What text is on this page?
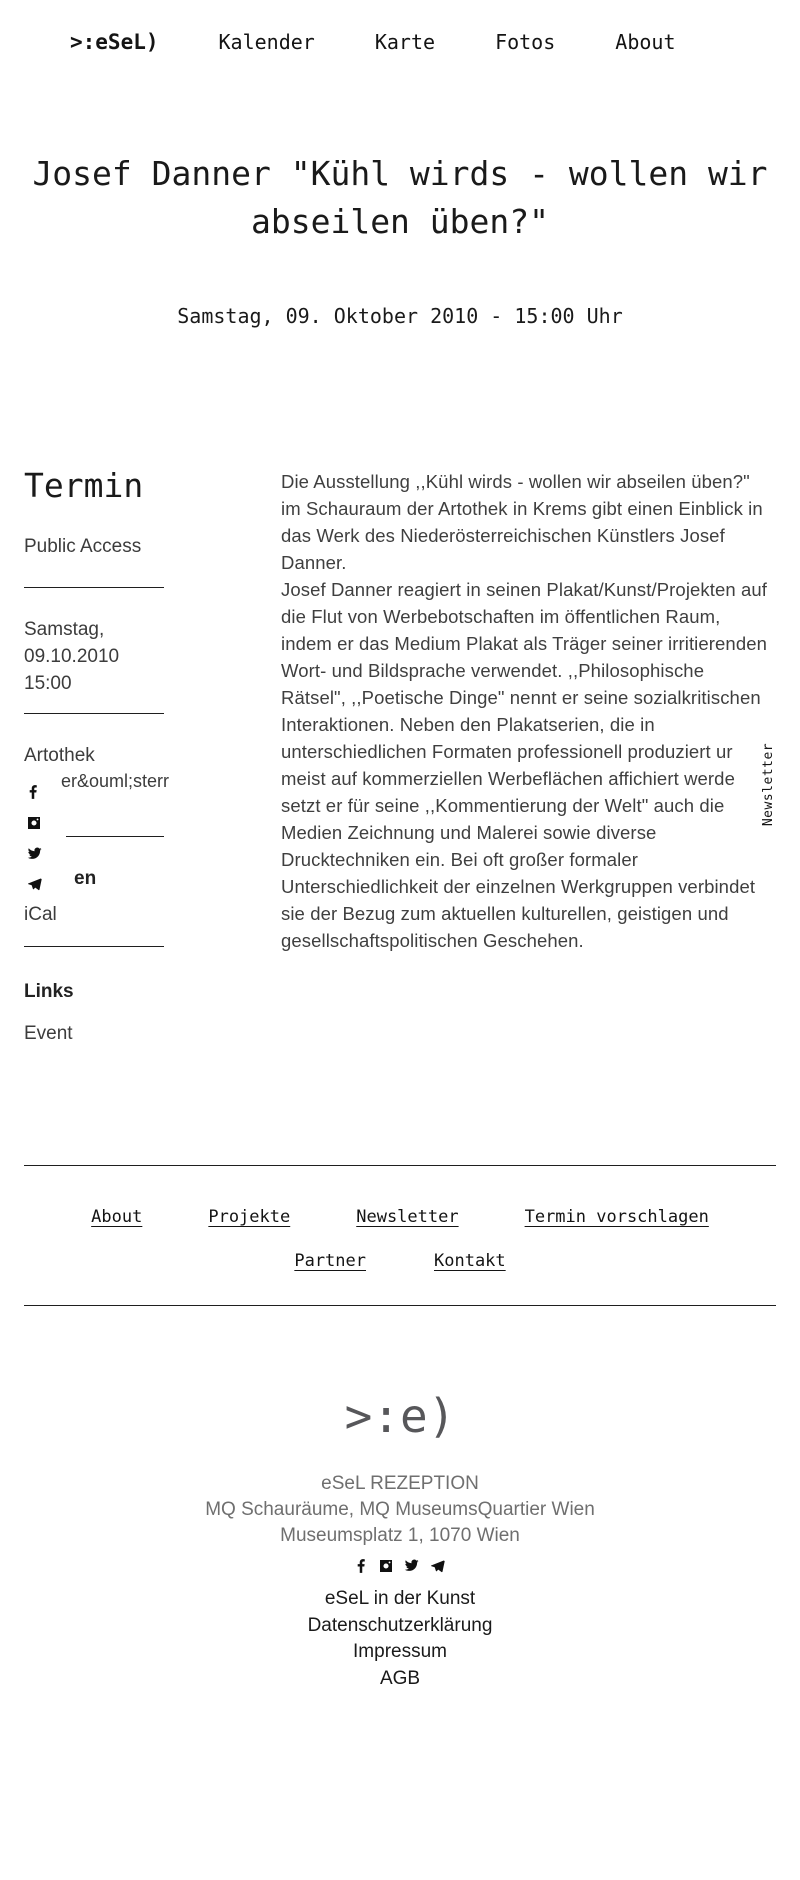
>:eSeL)	Kalender	Karte	Fotos	About
Josef Danner "Kühl wirds - wollen wir abseilen üben?"
Samstag, 09. Oktober 2010 - 15:00 Uhr
Termin
Public Access
Samstag,
09.10.2010 15:00
Artothek
er&ouml;sterr
en
iCal
Links
Event
Die Ausstellung ,,Kühl wirds - wollen wir abseilen üben?"
im Schauraum der Artothek in Krems gibt einen Einblick in
das Werk des Niederösterreichischen Künstlers Josef
Danner.
Josef Danner reagiert in seinen Plakat/Kunst/Projekten auf
die Flut von Werbebotschaften im öffentlichen Raum,
indem er das Medium Plakat als Träger seiner irritierenden
Wort- und Bildsprache verwendet. ,,Philosophische
Rätsel", ,,Poetische Dinge" nennt er seine sozialkritischen
Interaktionen. Neben den Plakatserien, die in
unterschiedlichen Formaten professionell produziert ur
meist auf kommerziellen Werbeflächen affichiert werde
setzt er für seine ,,Kommentierung der Welt" auch die
Medien Zeichnung und Malerei sowie diverse
Drucktechniken ein. Bei oft großer formaler
Unterschiedlichkeit der einzelnen Werkgruppen verbindet
sie der Bezug zum aktuellen kulturellen, geistigen und
gesellschaftspolitischen Geschehen.
Newsletter
About	Projekte	Newsletter	Termin vorschlagen
Partner	Kontakt
>:e)
eSeL REZEPTION
MQ Schauräume, MQ MuseumsQuartier Wien
Museumsplatz 1, 1070 Wien
eSeL in der Kunst
Datenschutzerklärung
Impressum
AGB
